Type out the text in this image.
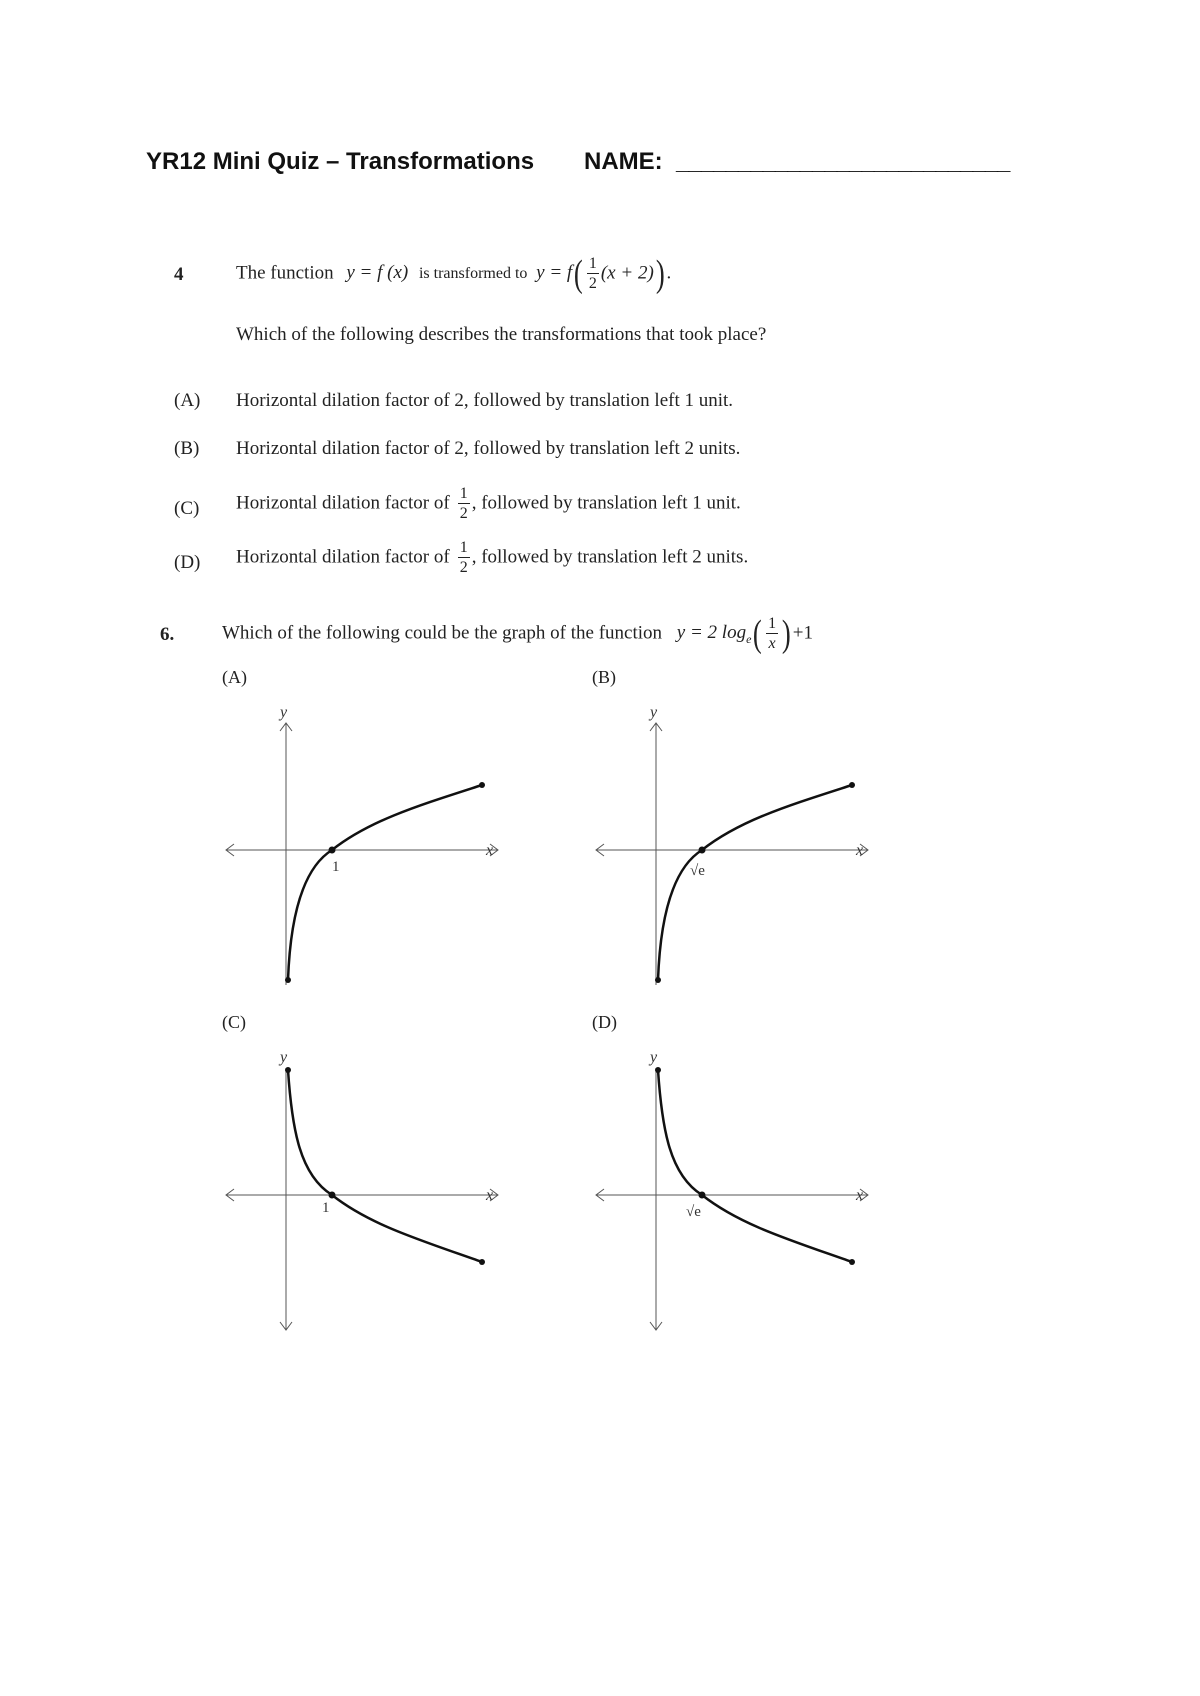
YR12 Mini Quiz – Transformations NAME: ___________________________
4	The function y = f (x) is transformed to $y = f( \frac{1}{2} (x + 2))$.
Which of the following describes the transformations that took place?
(A) Horizontal dilation factor of 2, followed by translation left 1 unit.
(B) Horizontal dilation factor of 2, followed by translation left 2 units.
(C) Horizontal dilation factor of $\frac{1}{2}$ , followed by translation left 1 unit.
(D) Horizontal dilation factor of $\frac{1}{2}$ , followed by translation left 2 units.
6.	Which of the following could be the graph of the function y = 2 $\log_e( \frac{1}{x} )+1$
(A)	(B)
(C)	(D)
y
x
1
y
x
√e
y
x
1
y
x
√e
